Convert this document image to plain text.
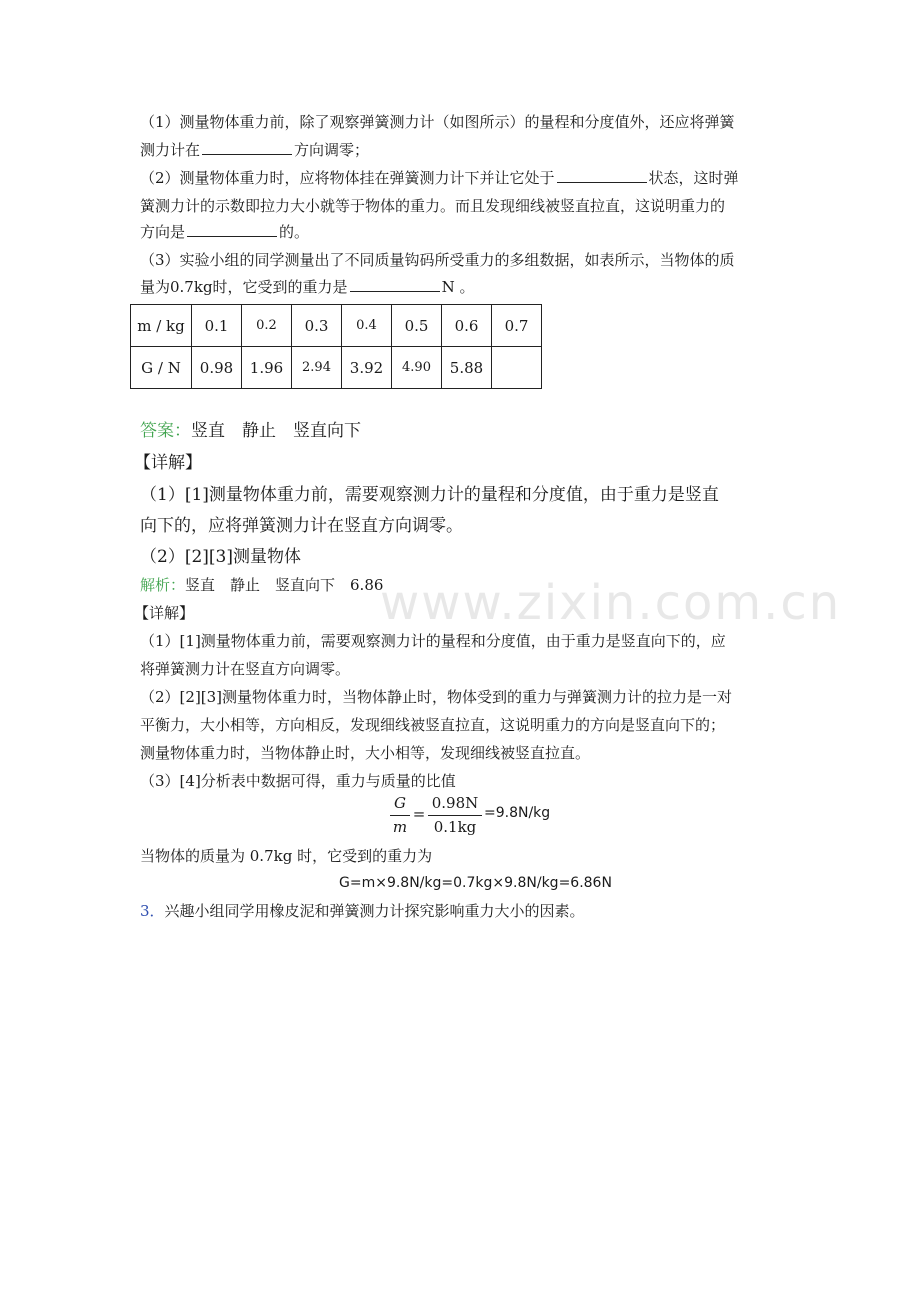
（1）测量物体重力前，除了观察弹簧测力计（如图所示）的量程和分度值外，还应将弹簧
测力计在	方向调零；
（2）测量物体重力时，应将物体挂在弹簧测力计下并让它处于	状态，这时弹
簧测力计的示数即拉力大小就等于物体的重力。而且发现细线被竖直拉直，这说明重力的
方向是	的。
（3）实验小组的同学测量出了不同质量钩码所受重力的多组数据，如表所示，当物体的质
量为0.7kg时，它受到的重力是	N 。
m / kg	0.1	0.2	0.3	0.4	0.5	0.6	0.7
G / N	0.98	1.96	2.94	3.92	4.90	5.88	
答案：竖直　静止　竖直向下
【详解】
（1）[1]测量物体重力前，需要观察测力计的量程和分度值，由于重力是竖直
向下的，应将弹簧测力计在竖直方向调零。
（2）[2][3]测量物体
www.zixin.com.cn
解析：竖直　静止　竖直向下　6.86
【详解】
（1）[1]测量物体重力前，需要观察测力计的量程和分度值，由于重力是竖直向下的，应
将弹簧测力计在竖直方向调零。
（2）[2][3]测量物体重力时，当物体静止时，物体受到的重力与弹簧测力计的拉力是一对
平衡力，大小相等，方向相反，发现细线被竖直拉直，这说明重力的方向是竖直向下的；
测量物体重力时，当物体静止时，大小相等，发现细线被竖直拉直。
（3）[4]分析表中数据可得，重力与质量的比值
G
m
=
0.98N
0.1kg
=9.8N/kg
当物体的质量为 0.7kg 时，它受到的重力为
G=m×9.8N/kg=0.7kg×9.8N/kg=6.86N
3．兴趣小组同学用橡皮泥和弹簧测力计探究影响重力大小的因素。
